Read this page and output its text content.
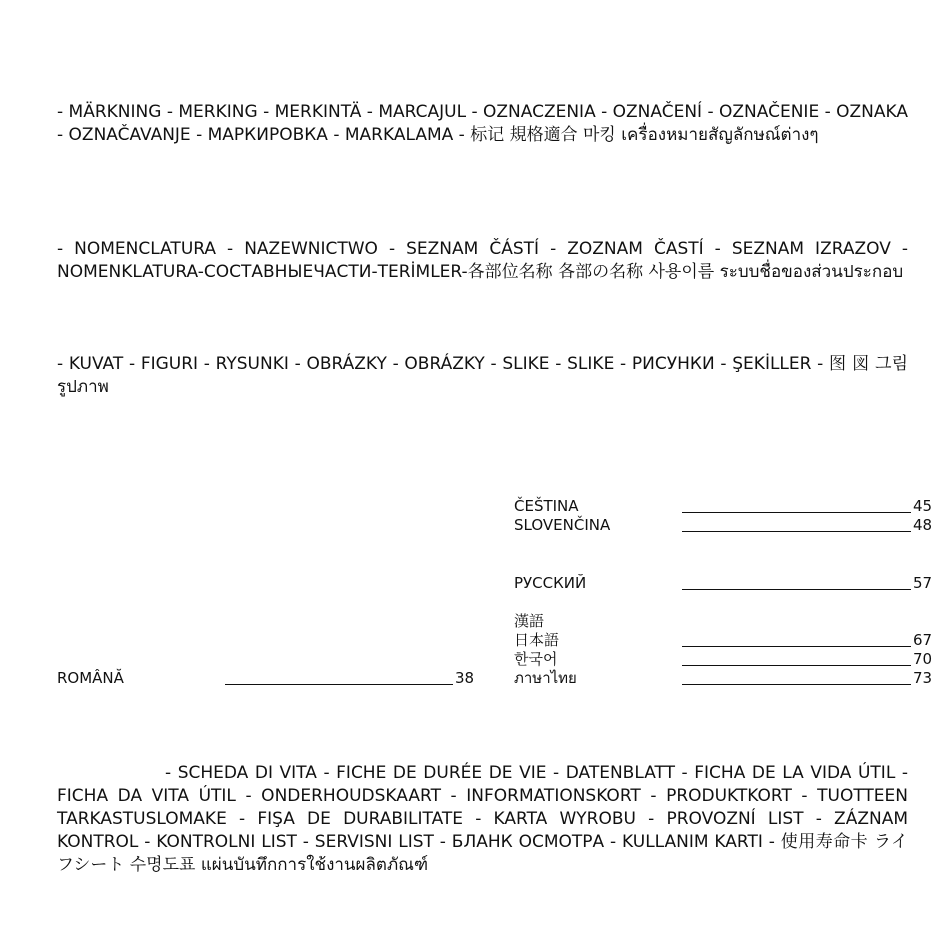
- MÄRKNING - MERKING - MERKINTÄ - MARCAJUL - OZNACZENIA - OZNAČENÍ - OZNAČENIE - OZNAKA - OZNAČAVANJE - МАРКИРОВКА - MARKALAMA - 标记 規格適合 마킹 เครื่องหมายสัญลักษณ์ต่างๆ

- NOMENCLATURA - NAZEWNICTWO - SEZNAM ČÁSTÍ - ZOZNAM ČASTÍ - SEZNAM IZRAZOV - NOMENKLATURA-СОСТАВНЫЕЧАСТИ-TERİMLER-各部位名称 各部の名称 사용이름 ระบบชื่อของส่วนประกอบ

- KUVAT - FIGURI - RYSUNKI - OBRÁZKY - OBRÁZKY - SLIKE - SLIKE - РИСУНКИ - ŞEKİLLER - 图 図 그림 รูปภาพ

ROMÂNĂ	38
ČEŠTINA	45
SLOVENČINA	48
РУССКИЙ	57
漢語
日本語	67
한국어	70
ภาษาไทย	73

- SCHEDA DI VITA - FICHE DE DURÉE DE VIE - DATENBLATT - FICHA DE LA VIDA ÚTIL - FICHA DA VITA ÚTIL - ONDERHOUDSKAART - INFORMATIONSKORT - PRODUKTKORT - TUOTTEEN TARKASTUSLOMAKE - FIŞA DE DURABILITATE - KARTA WYROBU - PROVOZNÍ LIST - ZÁZNAM KONTROL - KONTROLNI LIST - SERVISNI LIST - БЛАНК ОСМОТРА - KULLANIM KARTI - 使用寿命卡 ライフシート 수명도표 แผ่นบันทึกการใช้งานผลิตภัณฑ์
